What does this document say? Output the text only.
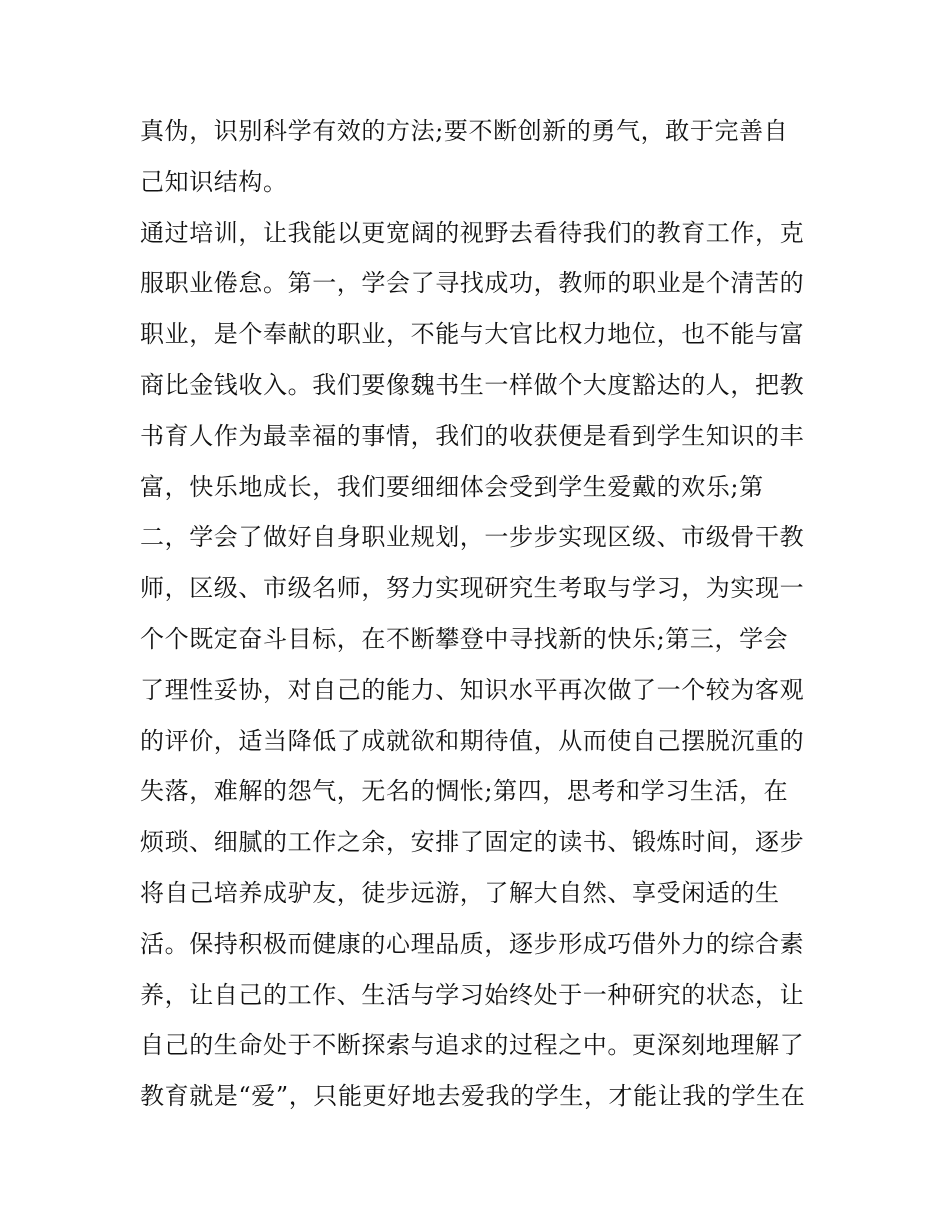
真伪，识别科学有效的方法;要不断创新的勇气，敢于完善自
己知识结构。
通过培训，让我能以更宽阔的视野去看待我们的教育工作，克
服职业倦怠。第一，学会了寻找成功，教师的职业是个清苦的
职业，是个奉献的职业，不能与大官比权力地位，也不能与富
商比金钱收入。我们要像魏书生一样做个大度豁达的人，把教
书育人作为最幸福的事情，我们的收获便是看到学生知识的丰
富，快乐地成长，我们要细细体会受到学生爱戴的欢乐;第
二，学会了做好自身职业规划，一步步实现区级、市级骨干教
师，区级、市级名师，努力实现研究生考取与学习，为实现一
个个既定奋斗目标，在不断攀登中寻找新的快乐;第三，学会
了理性妥协，对自己的能力、知识水平再次做了一个较为客观
的评价，适当降低了成就欲和期待值，从而使自己摆脱沉重的
失落，难解的怨气，无名的惆怅;第四，思考和学习生活，在
烦琐、细腻的工作之余，安排了固定的读书、锻炼时间，逐步
将自己培养成驴友，徒步远游，了解大自然、享受闲适的生
活。保持积极而健康的心理品质，逐步形成巧借外力的综合素
养，让自己的工作、生活与学习始终处于一种研究的状态，让
自己的生命处于不断探索与追求的过程之中。更深刻地理解了
教育就是“爱”，只能更好地去爱我的学生，才能让我的学生在
